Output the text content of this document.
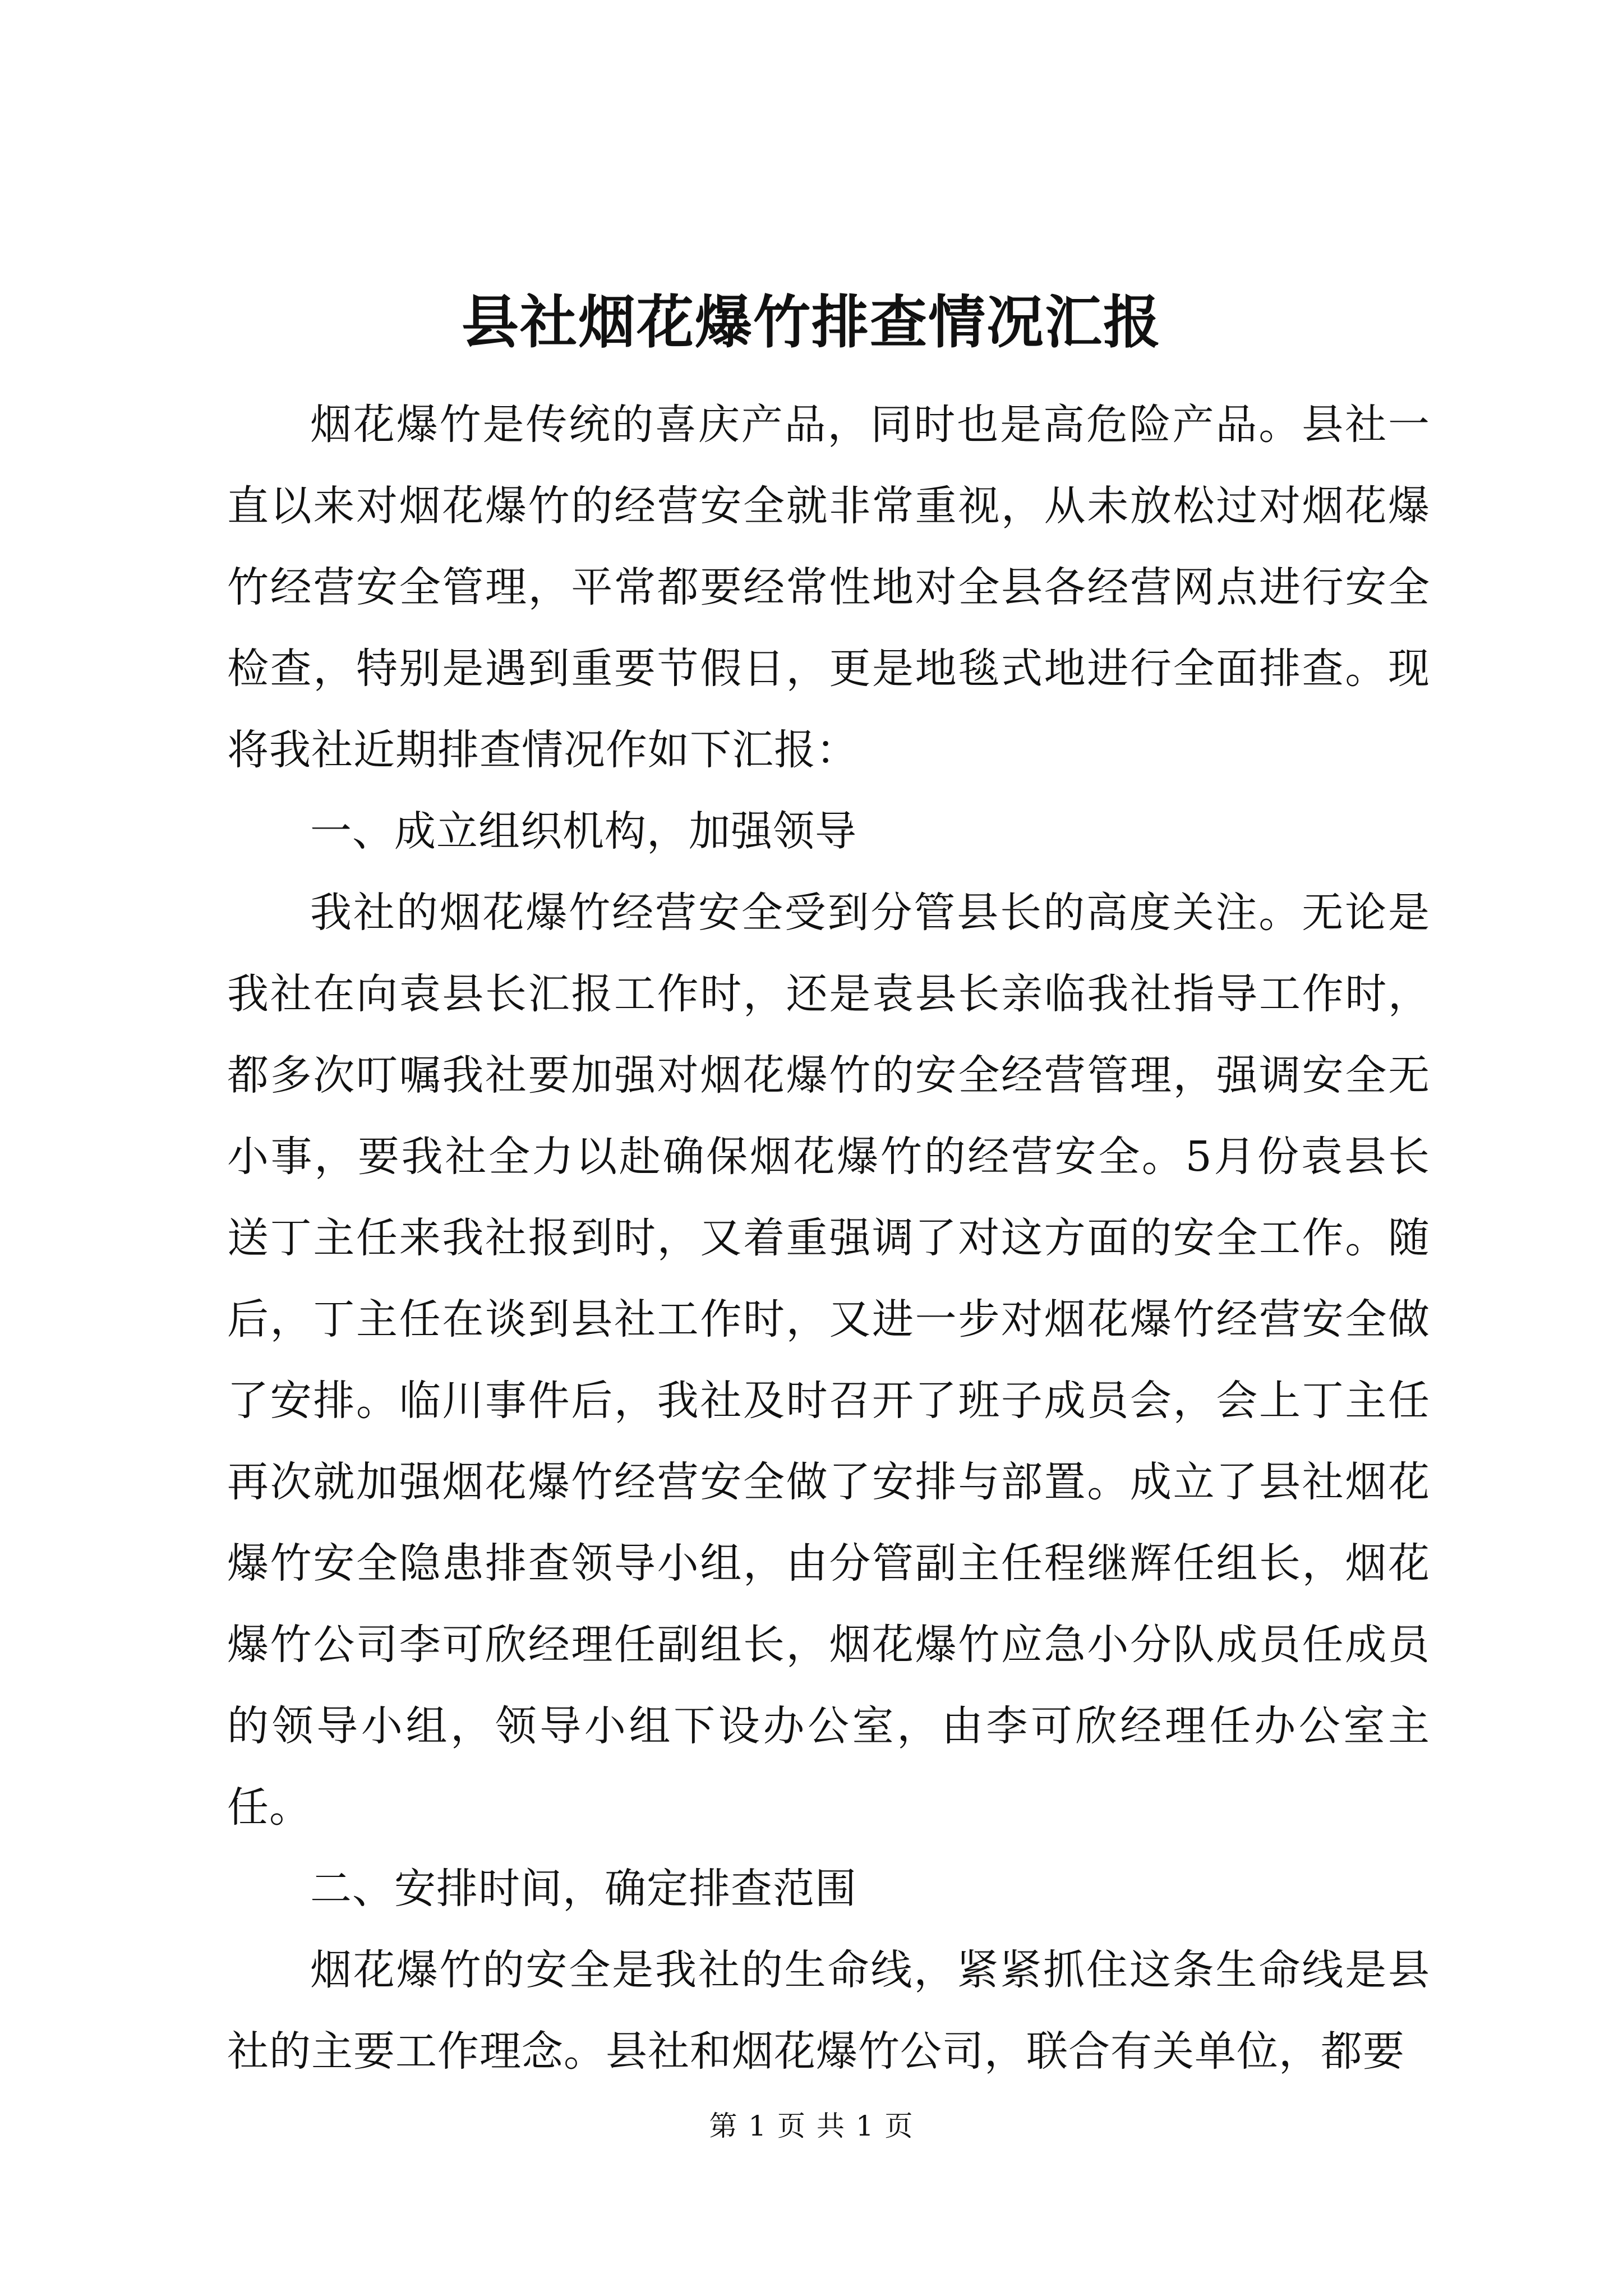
县社烟花爆竹排查情况汇报

烟花爆竹是传统的喜庆产品，同时也是高危险产品。县社一直以来对烟花爆竹的经营安全就非常重视，从未放松过对烟花爆竹经营安全管理，平常都要经常性地对全县各经营网点进行安全检查，特别是遇到重要节假日，更是地毯式地进行全面排查。现将我社近期排查情况作如下汇报：

一、成立组织机构，加强领导

我社的烟花爆竹经营安全受到分管县长的高度关注。无论是我社在向袁县长汇报工作时，还是袁县长亲临我社指导工作时，都多次叮嘱我社要加强对烟花爆竹的安全经营管理，强调安全无小事，要我社全力以赴确保烟花爆竹的经营安全。5月份袁县长送丁主任来我社报到时，又着重强调了对这方面的安全工作。随后，丁主任在谈到县社工作时，又进一步对烟花爆竹经营安全做了安排。临川事件后，我社及时召开了班子成员会，会上丁主任再次就加强烟花爆竹经营安全做了安排与部置。成立了县社烟花爆竹安全隐患排查领导小组，由分管副主任程继辉任组长，烟花爆竹公司李可欣经理任副组长，烟花爆竹应急小分队成员任成员的领导小组，领导小组下设办公室，由李可欣经理任办公室主任。

二、安排时间，确定排查范围

烟花爆竹的安全是我社的生命线，紧紧抓住这条生命线是县社的主要工作理念。县社和烟花爆竹公司，联合有关单位，都要

第 1 页 共 1 页
